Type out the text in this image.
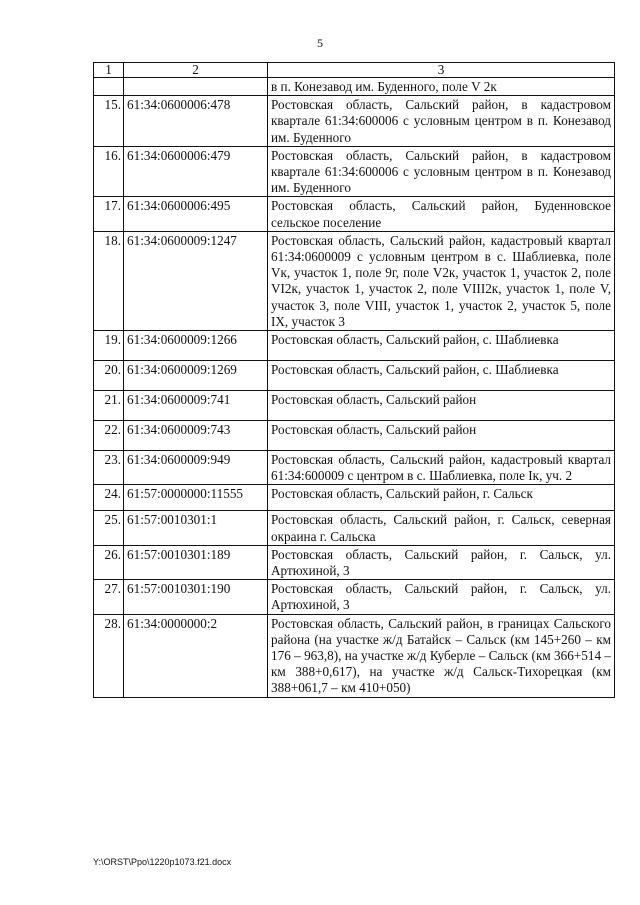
5
1	2	3
		в п. Конезавод им. Буденного, поле V 2к
15.	61:34:0600006:478	Ростовская область, Сальский район, в кадастровом квартале 61:34:600006 с условным центром в п. Конезавод им. Буденного
16.	61:34:0600006:479	Ростовская область, Сальский район, в кадастровом квартале 61:34:600006 с условным центром в п. Конезавод им. Буденного
17.	61:34:0600006:495	Ростовская область, Сальский район, Буденновское сельское поселение
18.	61:34:0600009:1247	Ростовская область, Сальский район, кадастровый квартал 61:34:0600009 с условным центром в с. Шаблиевка, поле Vк, участок 1, поле 9г, поле V2к, участок 1, участок 2, поле VI2к, участок 1, участок 2, поле VIII2к, участок 1, поле V, участок 3, поле VIII, участок 1, участок 2, участок 5, поле IX, участок 3
19.	61:34:0600009:1266	Ростовская область, Сальский район, с. Шаблиевка
20.	61:34:0600009:1269	Ростовская область, Сальский район, с. Шаблиевка
21.	61:34:0600009:741	Ростовская область, Сальский район
22.	61:34:0600009:743	Ростовская область, Сальский район
23.	61:34:0600009:949	Ростовская область, Сальский район, кадастровый квартал 61:34:600009 с центром в с. Шаблиевка, поле Iк, уч. 2
24.	61:57:0000000:11555	Ростовская область, Сальский район, г. Сальск
25.	61:57:0010301:1	Ростовская область, Сальский район, г. Сальск, северная окраина г. Сальска
26.	61:57:0010301:189	Ростовская область, Сальский район, г. Сальск, ул. Артюхиной, 3
27.	61:57:0010301:190	Ростовская область, Сальский район, г. Сальск, ул. Артюхиной, 3
28.	61:34:0000000:2	Ростовская область, Сальский район, в границах Сальского района (на участке ж/д Батайск – Сальск (км 145+260 – км 176 – 963,8), на участке ж/д Куберле – Сальск (км 366+514 – км 388+0,617), на участке ж/д Сальск-Тихорецкая (км 388+061,7 – км 410+050)
Y:\ORST\Ppo\1220p1073.f21.docx
